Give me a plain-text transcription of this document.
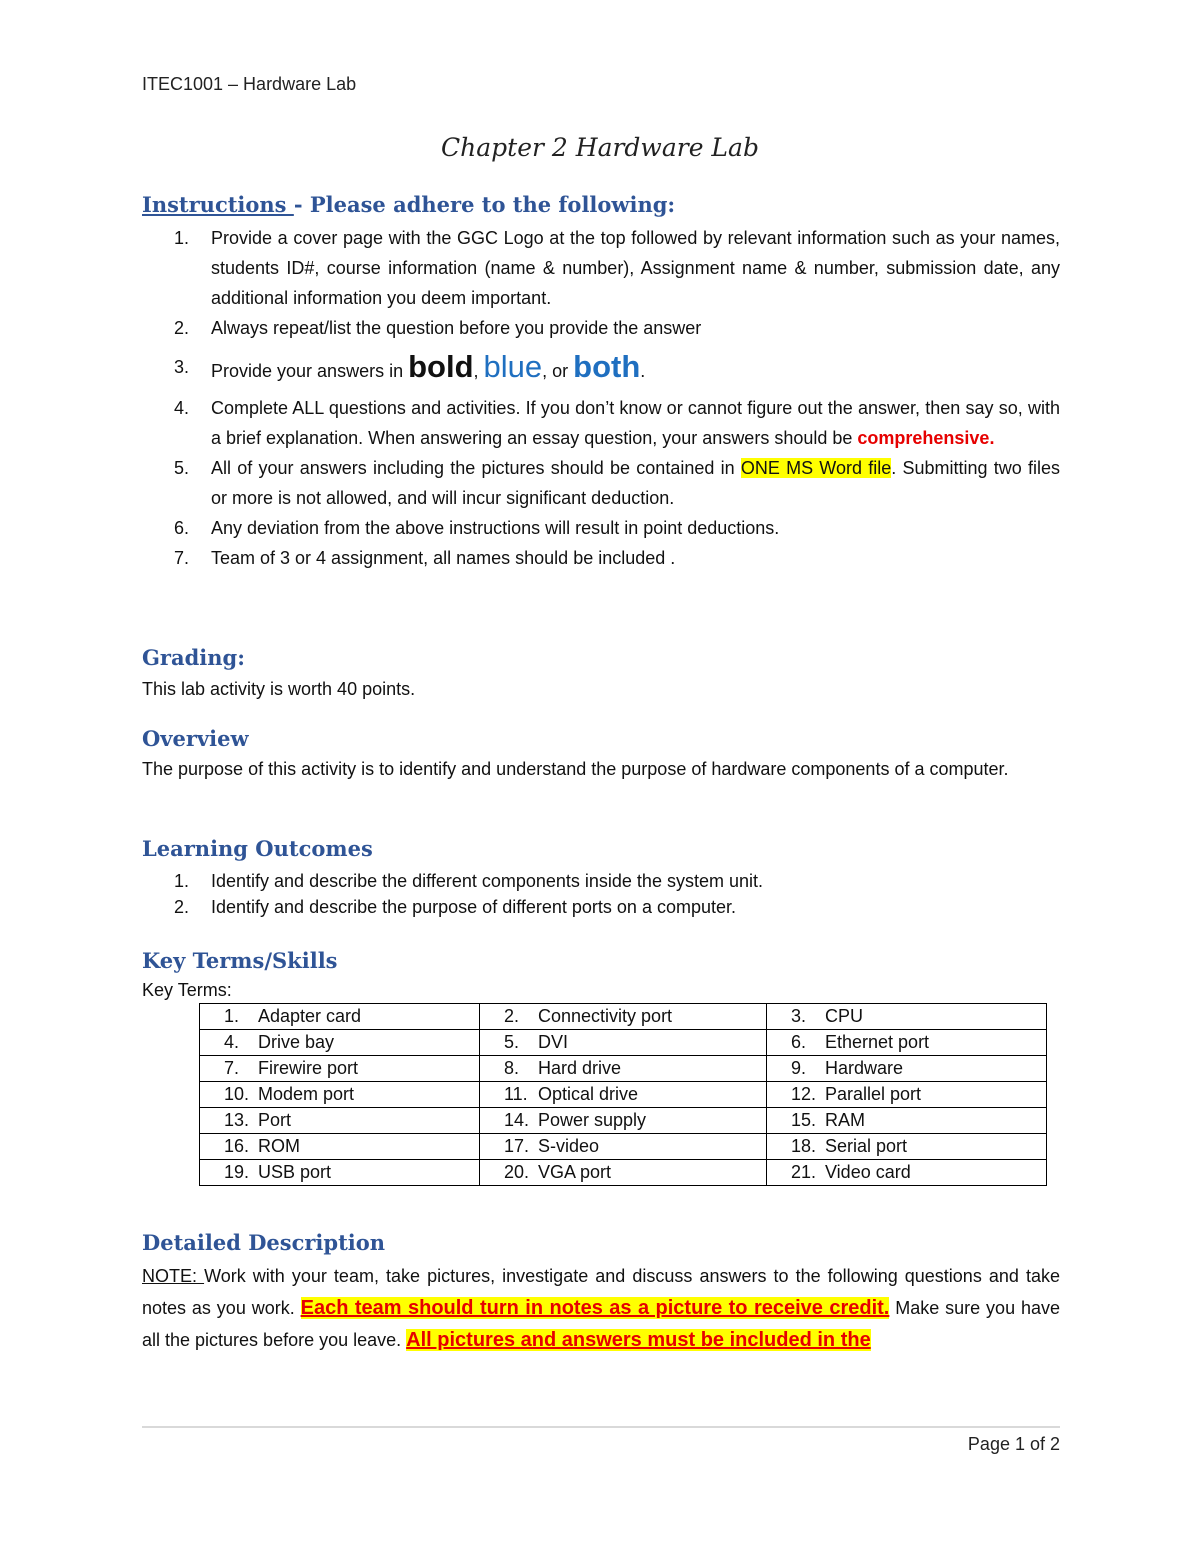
ITEC1001 – Hardware Lab
Chapter 2 Hardware Lab
Instructions - Please adhere to the following:
1. Provide a cover page with the GGC Logo at the top followed by relevant information such as your names, students ID#, course information (name & number), Assignment name & number, submission date, any additional information you deem important.
2. Always repeat/list the question before you provide the answer
3. Provide your answers in bold, blue, or both.
4. Complete ALL questions and activities. If you don’t know or cannot figure out the answer, then say so, with a brief explanation. When answering an essay question, your answers should be comprehensive.
5. All of your answers including the pictures should be contained in ONE MS Word file. Submitting two files or more is not allowed, and will incur significant deduction.
6. Any deviation from the above instructions will result in point deductions.
7. Team of 3 or 4 assignment, all names should be included .
Grading:

This lab activity is worth 40 points.

Overview

The purpose of this activity is to identify and understand the purpose of hardware components of a computer.

Learning Outcomes
1. Identify and describe the different components inside the system unit.
2. Identify and describe the purpose of different ports on a computer.
Key Terms/Skills

Key Terms:

1. Adapter card	2. Connectivity port	3. CPU
4. Drive bay	5. DVI	6. Ethernet port
7. Firewire port	8. Hard drive	9. Hardware
10. Modem port	11. Optical drive	12. Parallel port
13. Port	14. Power supply	15. RAM
16. ROM	17. S-video	18. Serial port
19. USB port	20. VGA port	21. Video card
Detailed Description

NOTE: Work with your team, take pictures, investigate and discuss answers to the following questions and take notes as you work. Each team should turn in notes as a picture to receive credit. Make sure you have all the pictures before you leave. All pictures and answers must be included in the

Page 1 of 2
